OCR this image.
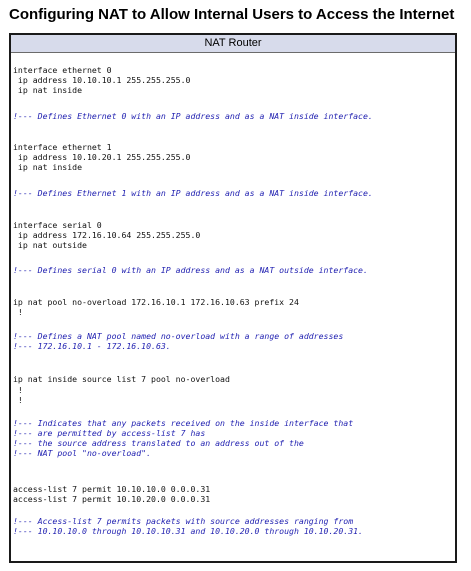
Configuring NAT to Allow Internal Users to Access the Internet
NAT Router
interface ethernet 0
ip address 10.10.10.1 255.255.255.0
ip nat inside
!--- Defines Ethernet 0 with an IP address and as a NAT inside interface.
interface ethernet 1
ip address 10.10.20.1 255.255.255.0
ip nat inside
!--- Defines Ethernet 1 with an IP address and as a NAT inside interface.
interface serial 0
ip address 172.16.10.64 255.255.255.0
ip nat outside
!--- Defines serial 0 with an IP address and as a NAT outside interface.
ip nat pool no-overload 172.16.10.1 172.16.10.63 prefix 24
!
!--- Defines a NAT pool named no-overload with a range of addresses
!--- 172.16.10.1 - 172.16.10.63.
ip nat inside source list 7 pool no-overload
!
!
!--- Indicates that any packets received on the inside interface that
!--- are permitted by access-list 7 has
!--- the source address translated to an address out of the
!--- NAT pool "no-overload".
access-list 7 permit 10.10.10.0 0.0.0.31
access-list 7 permit 10.10.20.0 0.0.0.31
!--- Access-list 7 permits packets with source addresses ranging from
!--- 10.10.10.0 through 10.10.10.31 and 10.10.20.0 through 10.10.20.31.
